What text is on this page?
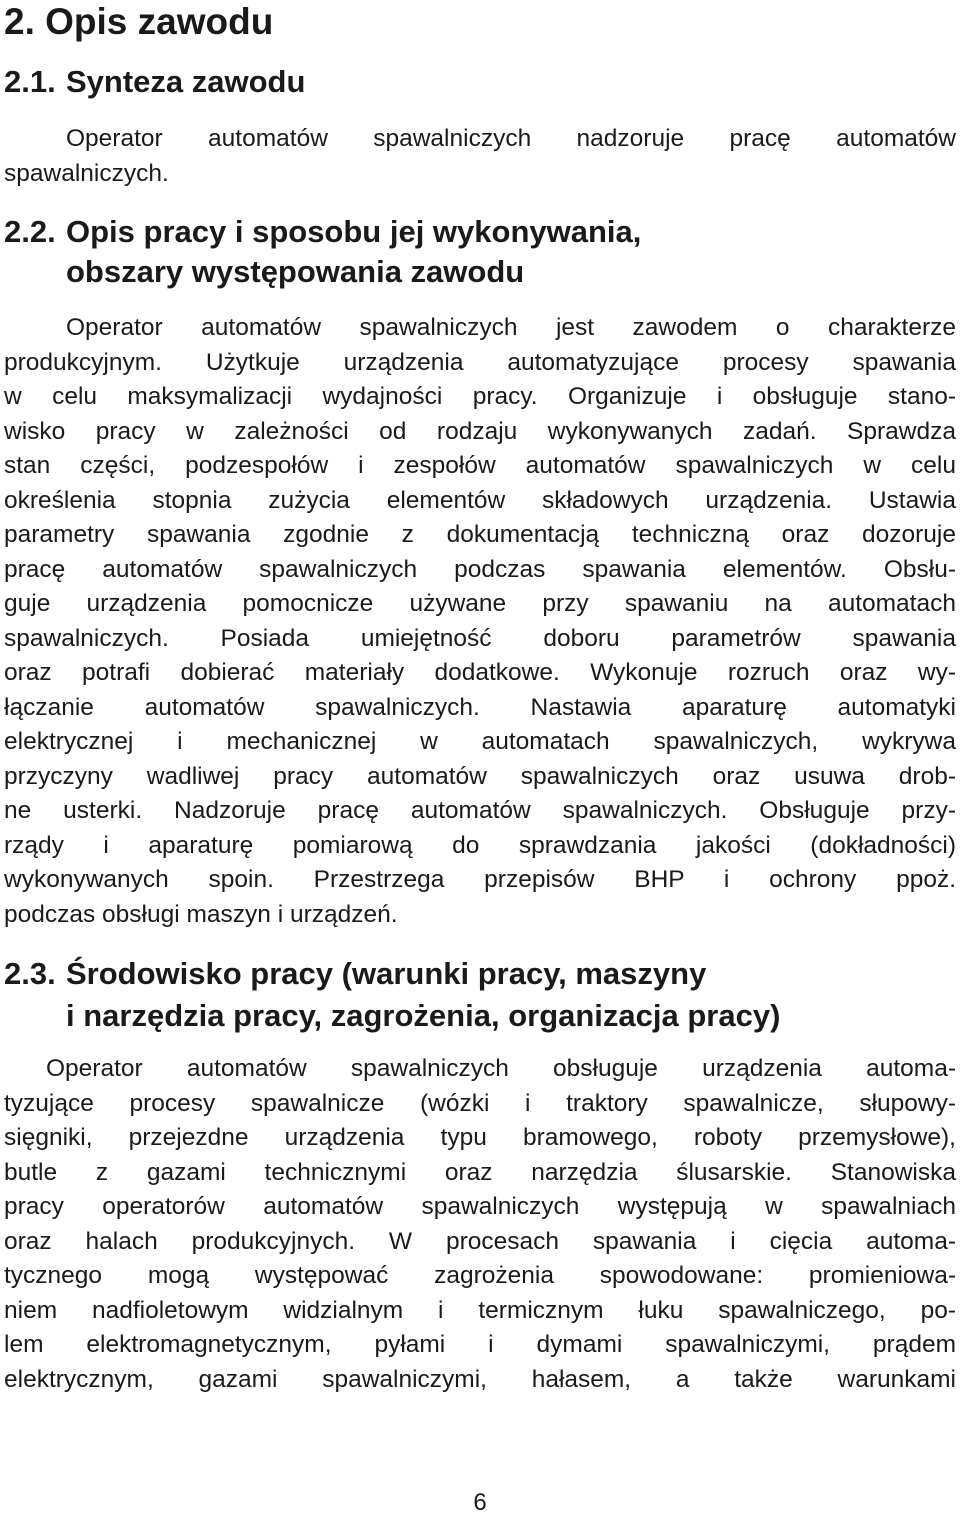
2. Opis zawodu
2.1. Synteza zawodu

Operator automatów spawalniczych nadzoruje pracę automatów
spawalniczych.

2.2. Opis pracy i sposobu jej wykonywania,
obszary występowania zawodu

Operator automatów spawalniczych jest zawodem o charakterze
produkcyjnym. Użytkuje urządzenia automatyzujące procesy spawania
w celu maksymalizacji wydajności pracy. Organizuje i obsługuje stano-
wisko pracy w zależności od rodzaju wykonywanych zadań. Sprawdza
stan części, podzespołów i zespołów automatów spawalniczych w celu
określenia stopnia zużycia elementów składowych urządzenia. Ustawia
parametry spawania zgodnie z dokumentacją techniczną oraz dozoruje
pracę automatów spawalniczych podczas spawania elementów. Obsłu-
guje urządzenia pomocnicze używane przy spawaniu na automatach
spawalniczych. Posiada umiejętność doboru parametrów spawania
oraz potrafi dobierać materiały dodatkowe. Wykonuje rozruch oraz wy-
łączanie automatów spawalniczych. Nastawia aparaturę automatyki
elektrycznej i mechanicznej w automatach spawalniczych, wykrywa
przyczyny wadliwej pracy automatów spawalniczych oraz usuwa drob-
ne usterki. Nadzoruje pracę automatów spawalniczych. Obsługuje przy-
rządy i aparaturę pomiarową do sprawdzania jakości (dokładności)
wykonywanych spoin. Przestrzega przepisów BHP i ochrony ppoż.
podczas obsługi maszyn i urządzeń.

2.3. Środowisko pracy (warunki pracy, maszyny
i narzędzia pracy, zagrożenia, organizacja pracy)

Operator automatów spawalniczych obsługuje urządzenia automa-
tyzujące procesy spawalnicze (wózki i traktory spawalnicze, słupowy-
sięgniki, przejezdne urządzenia typu bramowego, roboty przemysłowe),
butle z gazami technicznymi oraz narzędzia ślusarskie. Stanowiska
pracy operatorów automatów spawalniczych występują w spawalniach
oraz halach produkcyjnych. W procesach spawania i cięcia automa-
tycznego mogą występować zagrożenia spowodowane: promieniowa-
niem nadfioletowym widzialnym i termicznym łuku spawalniczego, po-
lem elektromagnetycznym, pyłami i dymami spawalniczymi, prądem
elektrycznym, gazami spawalniczymi, hałasem, a także warunkami

6
